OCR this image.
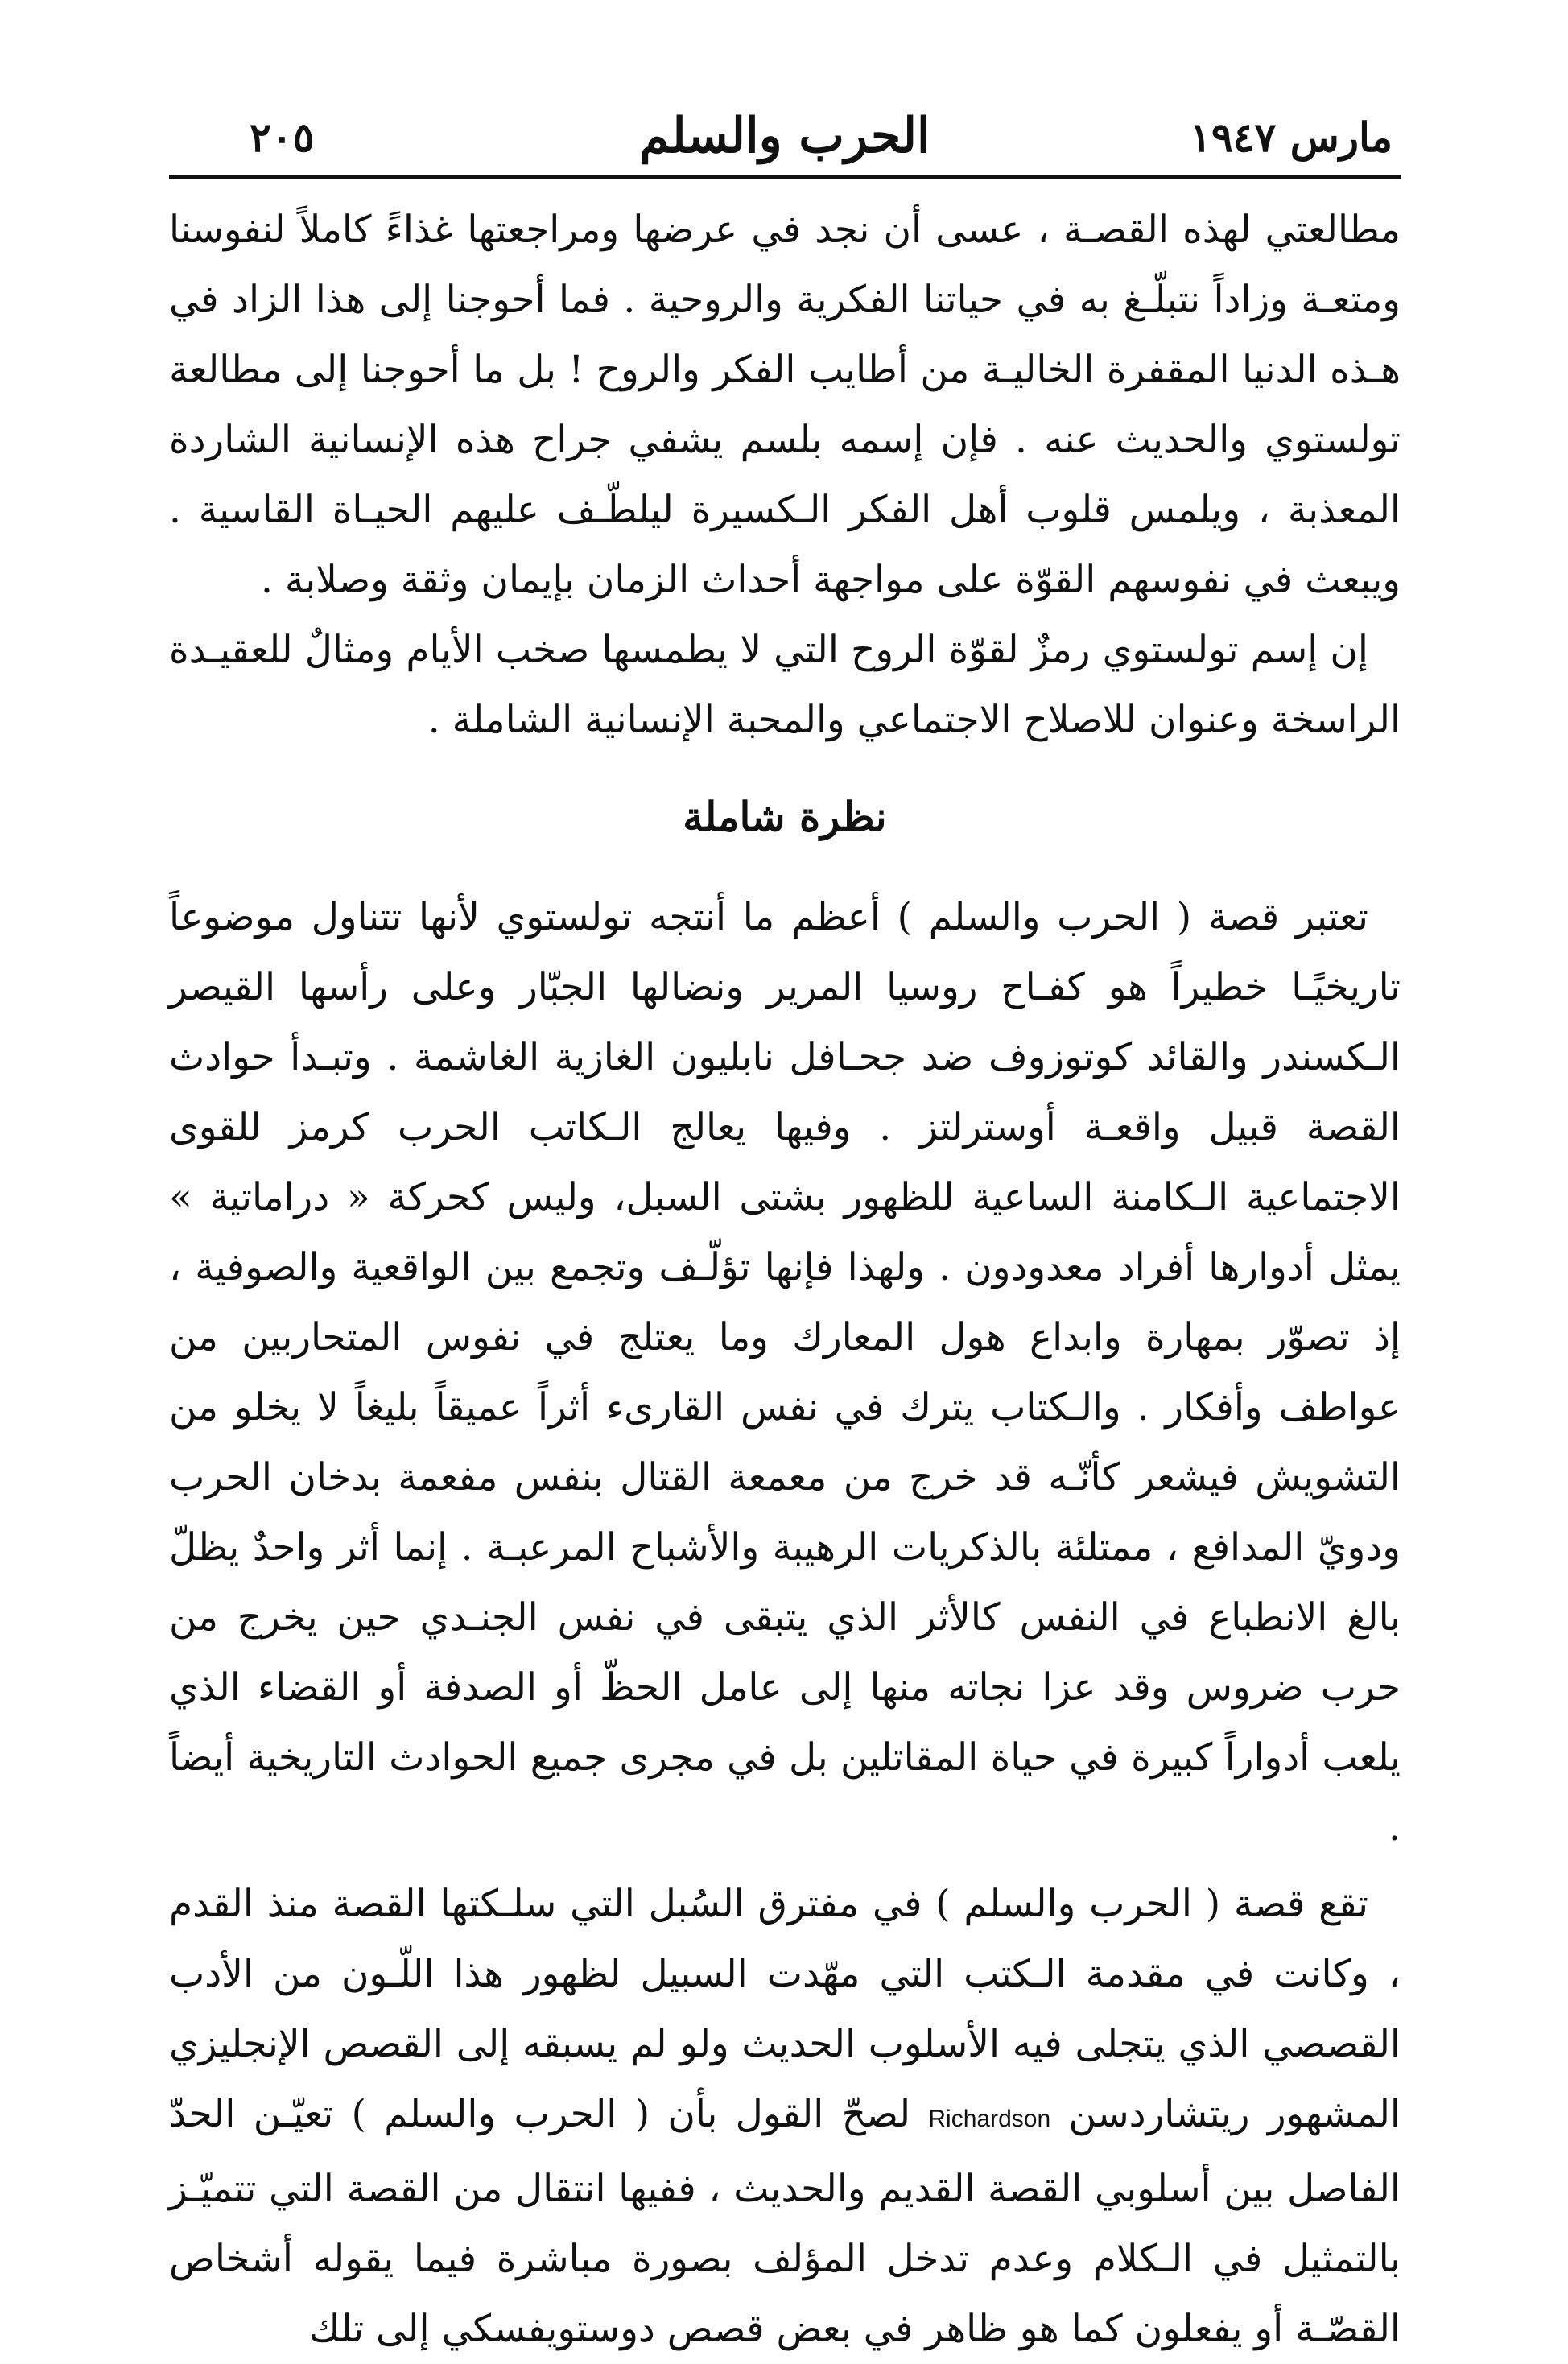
مارس ١٩٤٧
الحرب والسلم
٢٠٥

مطالعتي لهذه القصـة ، عسى أن نجد في عرضها ومراجعتها غذاءً كاملاً لنفوسنا ومتعـة وزاداً نتبلّـغ به في حياتنا الفكرية والروحية . فما أحوجنا إلى هذا الزاد في هـذه الدنيا المقفرة الخاليـة من أطايب الفكر والروح ! بل ما أحوجنا إلى مطالعة تولستوي والحديث عنه . فإن إسمه بلسم يشفي جراح هذه الإنسانية الشاردة المعذبة ، ويلمس قلوب أهل الفكر الـكسيرة ليلطّـف عليهم الحيـاة القاسية . ويبعث في نفوسهم القوّة على مواجهة أحداث الزمان بإيمان وثقة وصلابة .

إن إسم تولستوي رمزٌ لقوّة الروح التي لا يطمسها صخب الأيام ومثالٌ للعقيـدة الراسخة وعنوان للاصلاح الاجتماعي والمحبة الإنسانية الشاملة .

نظرة شاملة

تعتبر قصة ( الحرب والسلم ) أعظم ما أنتجه تولستوي لأنها تتناول موضوعاً تاريخيًـا خطيراً هو كفـاح روسيا المرير ونضالها الجبّار وعلى رأسها القيصر الـكسندر والقائد كوتوزوف ضد جحـافل نابليون الغازية الغاشمة . وتبـدأ حوادث القصة قبيل واقعـة أوسترلتز . وفيها يعالج الـكاتب الحرب كرمز للقوى الاجتماعية الـكامنة الساعية للظهور بشتى السبل، وليس كحركة « دراماتية » يمثل أدوارها أفراد معدودون . ولهذا فإنها تؤلّـف وتجمع بين الواقعية والصوفية ، إذ تصوّر بمهارة وابداع هول المعارك وما يعتلج في نفوس المتحاربين من عواطف وأفكار . والـكتاب يترك في نفس القارىء أثراً عميقاً بليغاً لا يخلو من التشويش فيشعر كأنّـه قد خرج من معمعة القتال بنفس مفعمة بدخان الحرب ودويّ المدافع ، ممتلئة بالذكريات الرهيبة والأشباح المرعبـة . إنما أثر واحدٌ يظلّ بالغ الانطباع في النفس كالأثر الذي يتبقى في نفس الجنـدي حين يخرج من حرب ضروس وقد عزا نجاته منها إلى عامل الحظّ أو الصدفة أو القضاء الذي يلعب أدواراً كبيرة في حياة المقاتلين بل في مجرى جميع الحوادث التاريخية أيضاً .

تقع قصة ( الحرب والسلم ) في مفترق السُبل التي سلـكتها القصة منذ القدم ، وكانت في مقدمة الـكتب التي مهّدت السبيل لظهور هذا اللّـون من الأدب القصصي الذي يتجلى فيه الأسلوب الحديث ولو لم يسبقه إلى القصص الإنجليزي المشهور ريتشاردسن Richardson لصحّ القول بأن ( الحرب والسلم ) تعيّـن الحدّ الفاصل بين أسلوبي القصة القديم والحديث ، ففيها انتقال من القصة التي تتميّـز بالتمثيل في الـكلام وعدم تدخل المؤلف بصورة مباشرة فيما يقوله أشخاص القصّـة أو يفعلون كما هو ظاهر في بعض قصص دوستويفسكي إلى تلك
